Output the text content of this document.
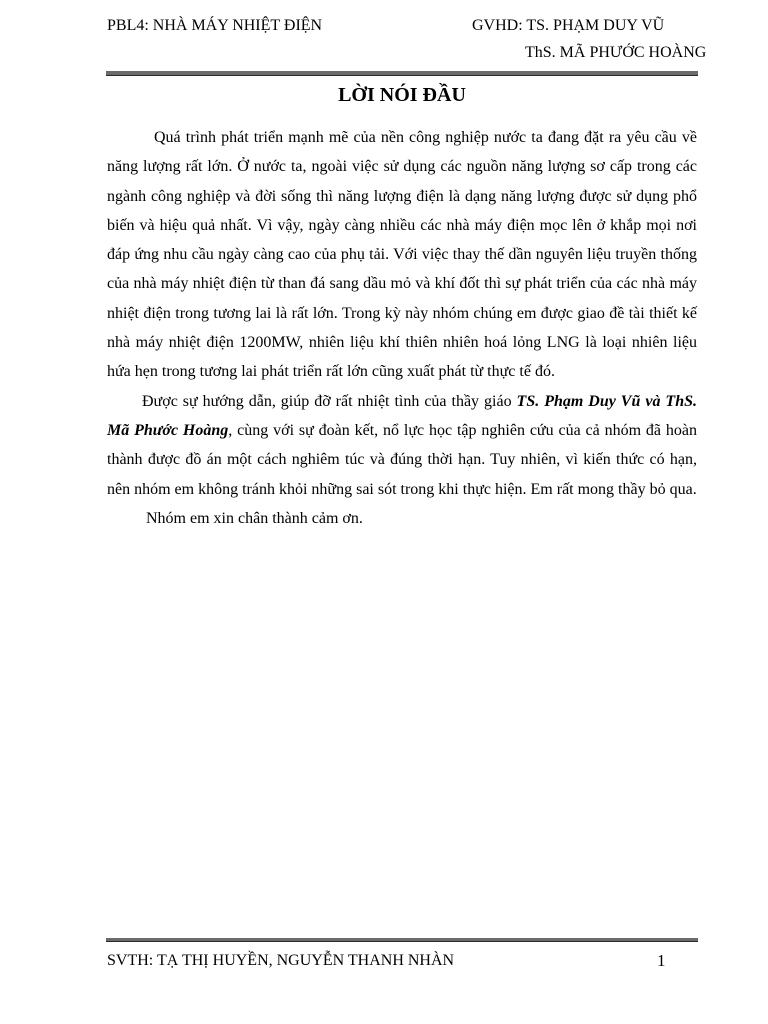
PBL4: NHÀ MÁY NHIỆT ĐIỆN	GVHD: TS. PHẠM DUY VŨ
ThS. MÃ PHƯỚC HOÀNG
LỜI NÓI ĐẦU

Quá trình phát triển mạnh mẽ của nền công nghiệp nước ta đang đặt ra yêu cầu về năng lượng rất lớn. Ở nước ta, ngoài việc sử dụng các nguồn năng lượng sơ cấp trong các ngành công nghiệp và đời sống thì năng lượng điện là dạng năng lượng được sử dụng phổ biến và hiệu quả nhất. Vì vậy, ngày càng nhiều các nhà máy điện mọc lên ở khắp mọi nơi đáp ứng nhu cầu ngày càng cao của phụ tải. Với việc thay thế dần nguyên liệu truyền thống của nhà máy nhiệt điện từ than đá sang dầu mỏ và khí đốt thì sự phát triển của các nhà máy nhiệt điện trong tương lai là rất lớn. Trong kỳ này nhóm chúng em được giao đề tài thiết kế nhà máy nhiệt điện 1200MW, nhiên liệu khí thiên nhiên hoá lỏng LNG là loại nhiên liệu hứa hẹn trong tương lai phát triển rất lớn cũng xuất phát từ thực tế đó.

Được sự hướng dẫn, giúp đỡ rất nhiệt tình của thầy giáo TS. Phạm Duy Vũ và ThS. Mã Phước Hoàng, cùng với sự đoàn kết, nổ lực học tập nghiên cứu của cả nhóm đã hoàn thành được đồ án một cách nghiêm túc và đúng thời hạn. Tuy nhiên, vì kiến thức có hạn, nên nhóm em không tránh khỏi những sai sót trong khi thực hiện. Em rất mong thầy bỏ qua.

Nhóm em xin chân thành cảm ơn.

SVTH: TẠ THỊ HUYỀN, NGUYỄN THANH NHÀN	1
